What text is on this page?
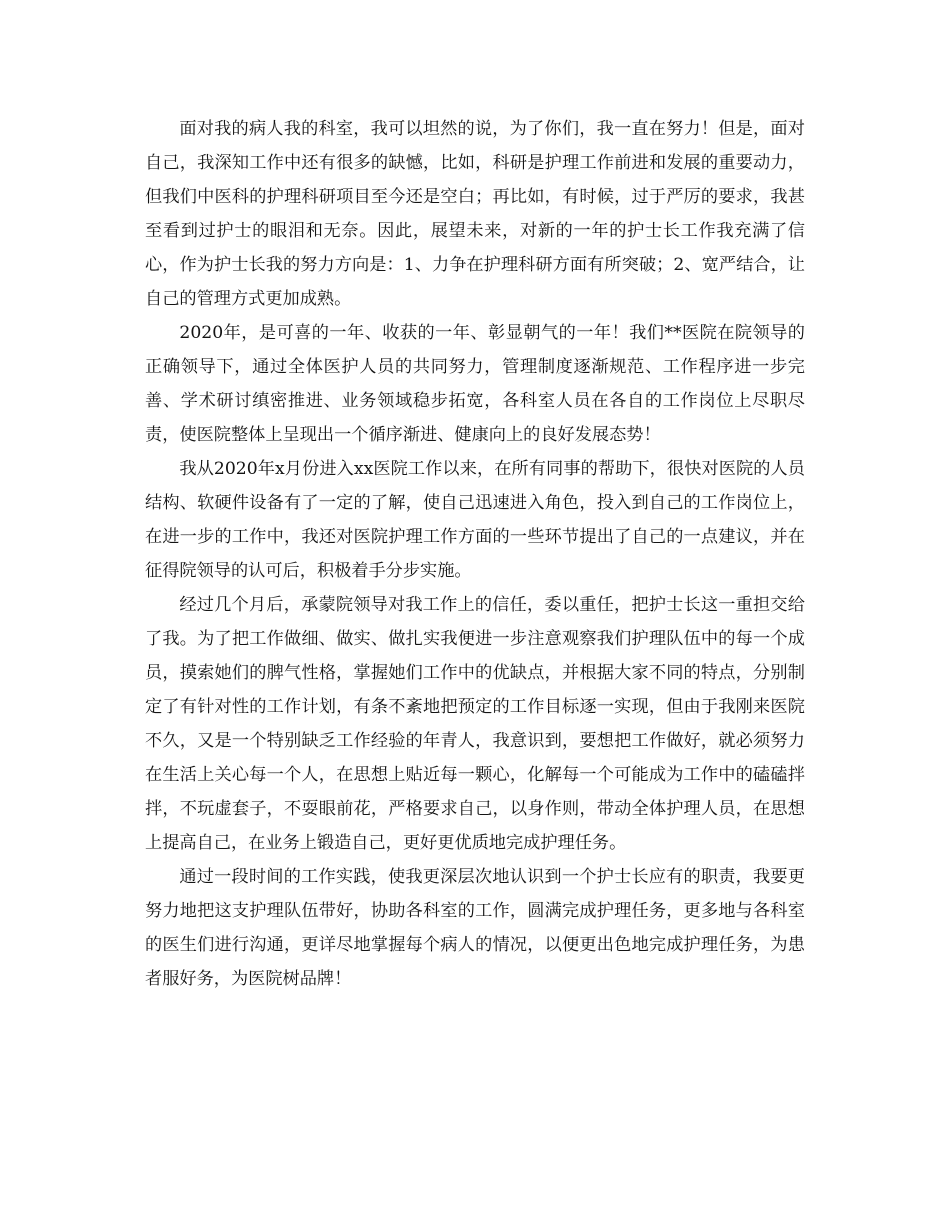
面对我的病人我的科室，我可以坦然的说，为了你们，我一直在努力！但是，面对自己，我深知工作中还有很多的缺憾，比如，科研是护理工作前进和发展的重要动力，但我们中医科的护理科研项目至今还是空白；再比如，有时候，过于严厉的要求，我甚至看到过护士的眼泪和无奈。因此，展望未来，对新的一年的护士长工作我充满了信心，作为护士长我的努力方向是：1、力争在护理科研方面有所突破；2、宽严结合，让自己的管理方式更加成熟。

2020年，是可喜的一年、收获的一年、彰显朝气的一年！我们**医院在院领导的正确领导下，通过全体医护人员的共同努力，管理制度逐渐规范、工作程序进一步完善、学术研讨缜密推进、业务领域稳步拓宽，各科室人员在各自的工作岗位上尽职尽责，使医院整体上呈现出一个循序渐进、健康向上的良好发展态势！

我从2020年x月份进入xx医院工作以来，在所有同事的帮助下，很快对医院的人员结构、软硬件设备有了一定的了解，使自己迅速进入角色，投入到自己的工作岗位上，在进一步的工作中，我还对医院护理工作方面的一些环节提出了自己的一点建议，并在征得院领导的认可后，积极着手分步实施。

经过几个月后，承蒙院领导对我工作上的信任，委以重任，把护士长这一重担交给了我。为了把工作做细、做实、做扎实我便进一步注意观察我们护理队伍中的每一个成员，摸索她们的脾气性格，掌握她们工作中的优缺点，并根据大家不同的特点，分别制定了有针对性的工作计划，有条不紊地把预定的工作目标逐一实现，但由于我刚来医院不久，又是一个特别缺乏工作经验的年青人，我意识到，要想把工作做好，就必须努力在生活上关心每一个人，在思想上贴近每一颗心，化解每一个可能成为工作中的磕磕拌拌，不玩虚套子，不耍眼前花，严格要求自己，以身作则，带动全体护理人员，在思想上提高自己，在业务上锻造自己，更好更优质地完成护理任务。

通过一段时间的工作实践，使我更深层次地认识到一个护士长应有的职责，我要更努力地把这支护理队伍带好，协助各科室的工作，圆满完成护理任务，更多地与各科室的医生们进行沟通，更详尽地掌握每个病人的情况，以便更出色地完成护理任务，为患者服好务，为医院树品牌！
